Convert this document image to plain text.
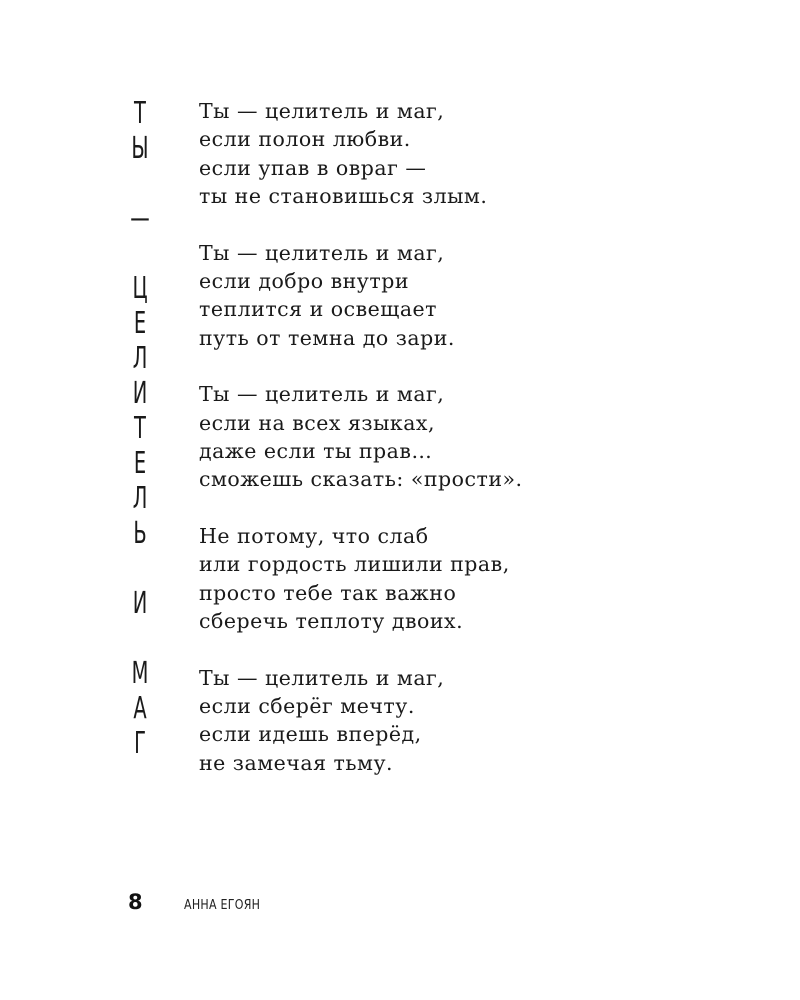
Т
Ы
—
Ц
Е
Л
И
Т
Е
Л
Ь
И
М
А
Г

Ты — целитель и маг,
если полон любви.
если упав в овраг —
ты не становишься злым.

Ты — целитель и маг,
если добро внутри
теплится и освещает
путь от темна до зари.

Ты — целитель и маг,
если на всех языках,
даже если ты прав…
сможешь сказать: «прости».

Не потому, что слаб
или гордость лишили прав,
просто тебе так важно
сберечь теплоту двоих.

Ты — целитель и маг,
если сберёг мечту.
если идешь вперёд,
не замечая тьму.

8	АННА ЕГОЯН
